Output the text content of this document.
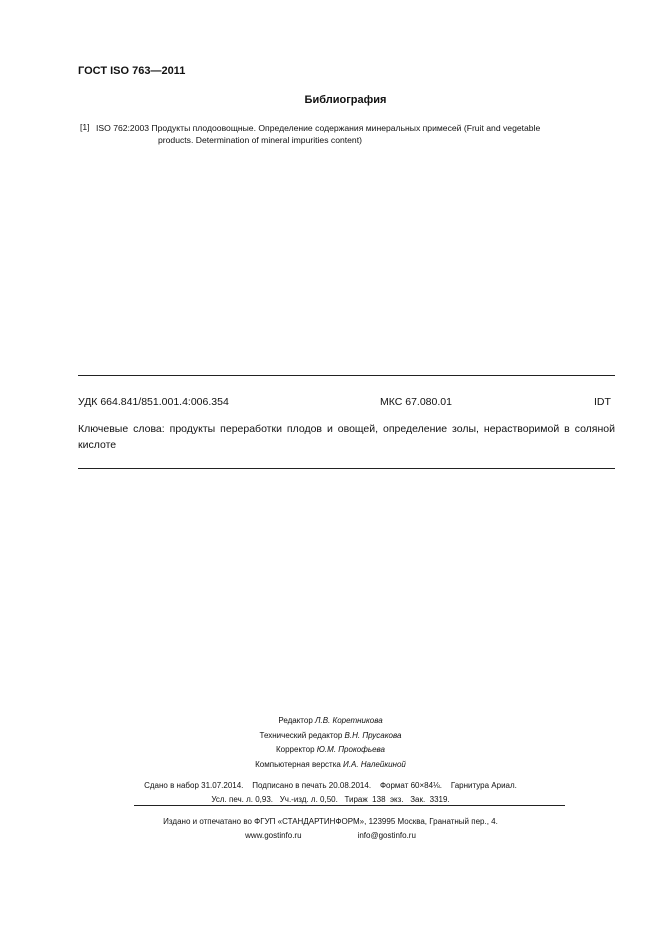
ГОСТ ISO 763—2011
Библиография
[1] ISO 762:2003 Продукты плодоовощные. Определение содержания минеральных примесей (Fruit and vegetable
products. Determination of mineral impurities content)
УДК 664.841/851.001.4:006.354	МКС 67.080.01	IDT
Ключевые слова: продукты переработки плодов и овощей, определение золы, нерастворимой в соляной кислоте
Редактор Л.В. Коретникова
Технический редактор В.Н. Прусакова
Корректор Ю.М. Прокофьева
Компьютерная верстка И.А. Налейкиной
Сдано в набор 31.07.2014.    Подписано в печать 20.08.2014.    Формат 60×84⅛.    Гарнитура Ариал.
Усл. печ. л. 0,93.   Уч.-изд. л. 0,50.   Тираж  138  экз.   Зак.  3319.
Издано и отпечатано во ФГУП «СТАНДАРТИНФОРМ», 123995 Москва, Гранатный пер., 4.
www.gostinfo.ru	info@gostinfo.ru
